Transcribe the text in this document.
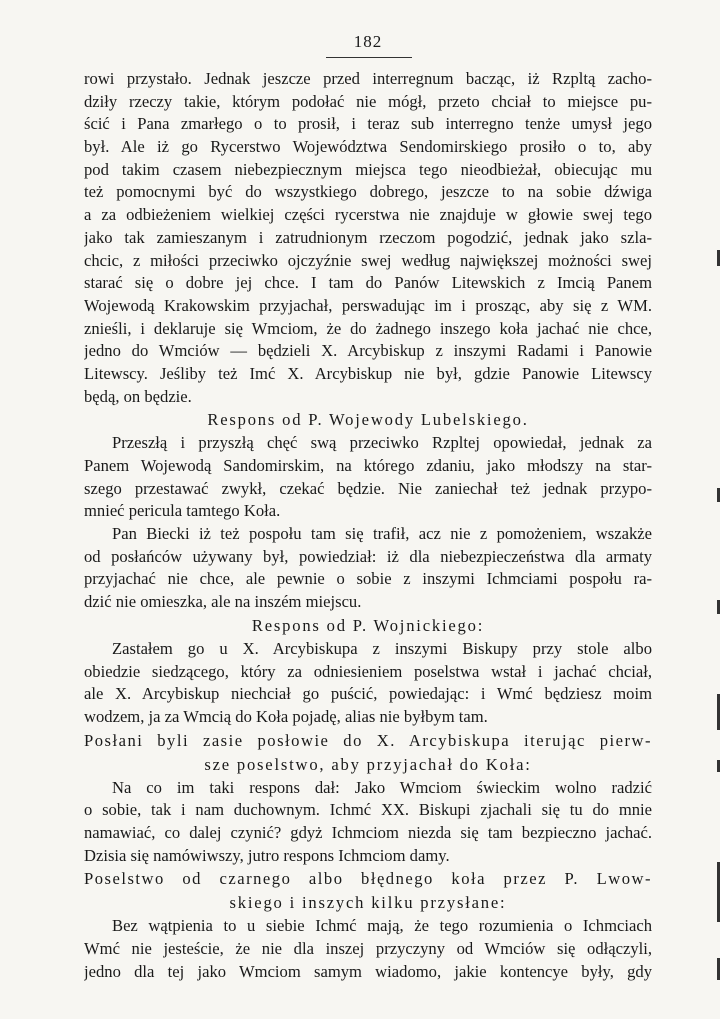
182
rowi przystało. Jednak jeszcze przed interregnum bacząc, iż Rzpltą zacho-
dziły rzeczy takie, którym podołać nie mógł, przeto chciał to miejsce pu-
ścić i Pana zmarłego o to prosił, i teraz sub interregno tenże umysł jego
był. Ale iż go Rycerstwo Województwa Sendomirskiego prosiło o to, aby
pod takim czasem niebezpiecznym miejsca tego nieodbieżał, obiecując mu
też pomocnymi być do wszystkiego dobrego, jeszcze to na sobie dźwiga
a za odbieżeniem wielkiej części rycerstwa nie znajduje w głowie swej tego
jako tak zamieszanym i zatrudnionym rzeczom pogodzić, jednak jako szla-
chcic, z miłości przeciwko ojczyźnie swej według największej możności swej
starać się o dobre jej chce. I tam do Panów Litewskich z Imcią Panem
Wojewodą Krakowskim przyjachał, perswadując im i prosząc, aby się z WM.
znieśli, i deklaruje się Wmciom, że do żadnego inszego koła jachać nie chce,
jedno do Wmciów — będzieli X. Arcybiskup z inszymi Radami i Panowie
Litewscy. Jeśliby też Imć X. Arcybiskup nie był, gdzie Panowie Litewscy
będą, on będzie.
Respons od P. Wojewody Lubelskiego.
Przeszłą i przyszłą chęć swą przeciwko Rzpltej opowiedał, jednak za
Panem Wojewodą Sandomirskim, na którego zdaniu, jako młodszy na star-
szego przestawać zwykł, czekać będzie. Nie zaniechał też jednak przypo-
mnieć pericula tamtego Koła.
Pan Biecki iż też pospołu tam się trafił, acz nie z pomożeniem, wszakże
od posłańców używany był, powiedział: iż dla niebezpieczeństwa dla armaty
przyjachać nie chce, ale pewnie o sobie z inszymi Ichmciami pospołu ra-
dzić nie omieszka, ale na inszém miejscu.
Respons od P. Wojnickiego:
Zastałem go u X. Arcybiskupa z inszymi Biskupy przy stole albo
obiedzie siedzącego, który za odniesieniem poselstwa wstał i jachać chciał,
ale X. Arcybiskup niechciał go puścić, powiedając: i Wmć będziesz moim
wodzem, ja za Wmcią do Koła pojadę, alias nie byłbym tam.
Posłani byli zasie posłowie do X. Arcybiskupa iterując pierw-
sze poselstwo, aby przyjachał do Koła:
Na co im taki respons dał: Jako Wmciom świeckim wolno radzić
o sobie, tak i nam duchownym. Ichmć XX. Biskupi zjachali się tu do mnie
namawiać, co dalej czynić? gdyż Ichmciom niezda się tam bezpieczno jachać.
Dzisia się namówiwszy, jutro respons Ichmciom damy.
Poselstwo od czarnego albo błędnego koła przez P. Lwow-
skiego i inszych kilku przysłane:
Bez wątpienia to u siebie Ichmć mają, że tego rozumienia o Ichmciach
Wmć nie jesteście, że nie dla inszej przyczyny od Wmciów się odłączyli,
jedno dla tej jako Wmciom samym wiadomo, jakie kontencye były, gdy
